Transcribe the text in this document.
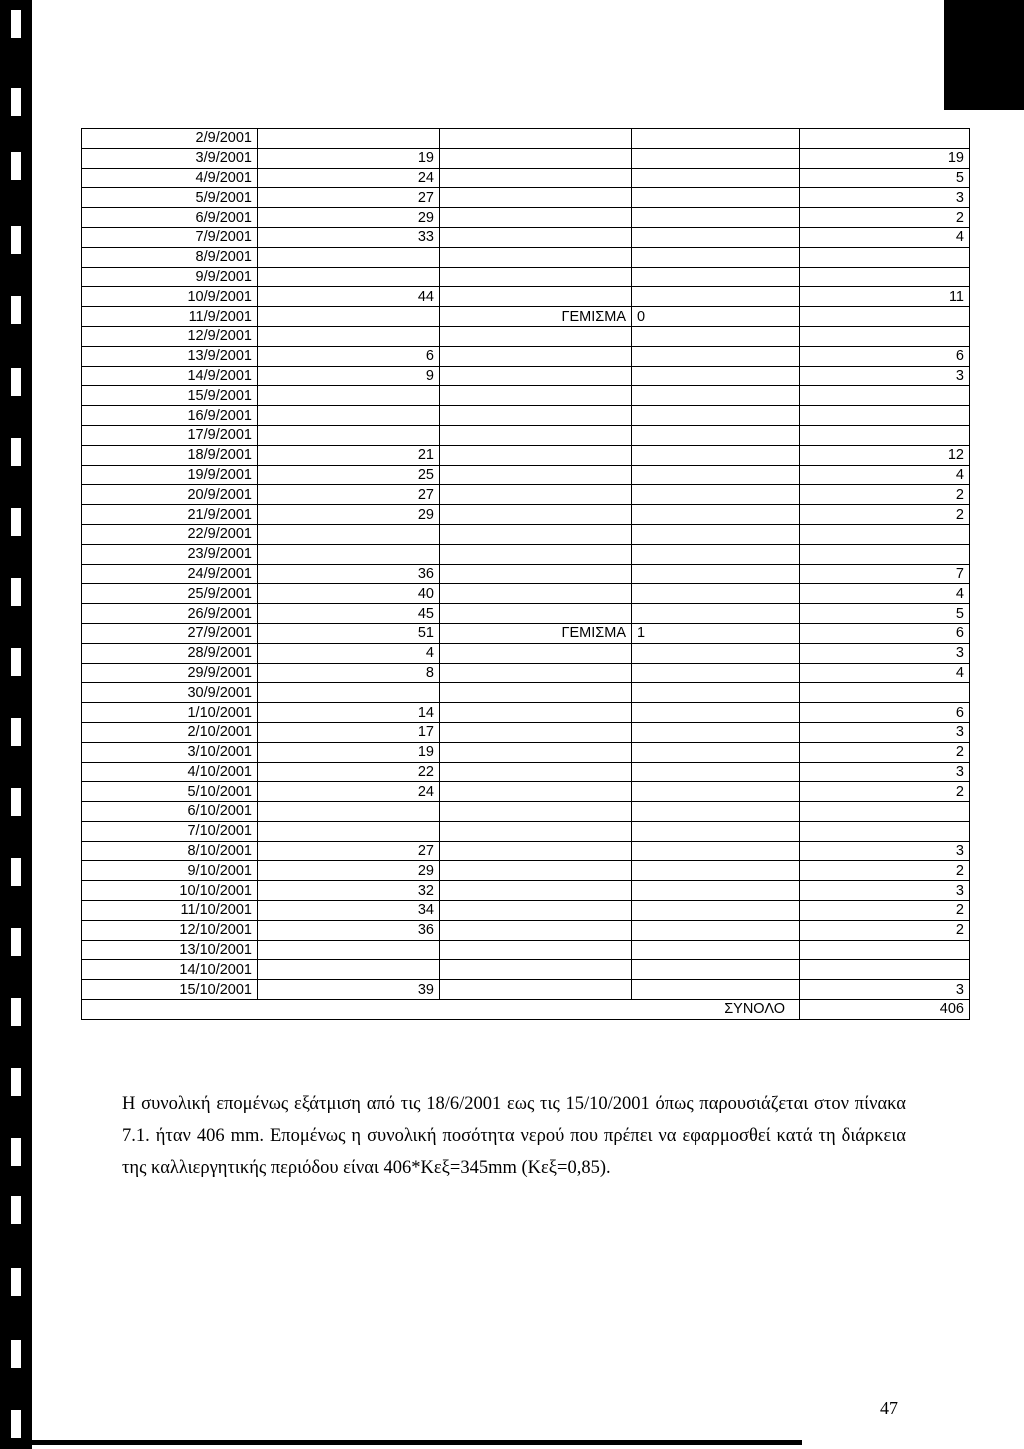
2/9/2001				
3/9/2001	19			19
4/9/2001	24			5
5/9/2001	27			3
6/9/2001	29			2
7/9/2001	33			4
8/9/2001				
9/9/2001				
10/9/2001	44			11
11/9/2001		ΓΕΜΙΣΜΑ	0	
12/9/2001				
13/9/2001	6			6
14/9/2001	9			3
15/9/2001				
16/9/2001				
17/9/2001				
18/9/2001	21			12
19/9/2001	25			4
20/9/2001	27			2
21/9/2001	29			2
22/9/2001				
23/9/2001				
24/9/2001	36			7
25/9/2001	40			4
26/9/2001	45			5
27/9/2001	51	ΓΕΜΙΣΜΑ	1	6
28/9/2001	4			3
29/9/2001	8			4
30/9/2001				
1/10/2001	14			6
2/10/2001	17			3
3/10/2001	19			2
4/10/2001	22			3
5/10/2001	24			2
6/10/2001				
7/10/2001				
8/10/2001	27			3
9/10/2001	29			2
10/10/2001	32			3
11/10/2001	34			2
12/10/2001	36			2
13/10/2001				
14/10/2001				
15/10/2001	39			3
ΣΥΝΟΛΟ				406
Η συνολική επομένως εξάτμιση από τις 18/6/2001 εως τις 15/10/2001 όπως παρουσιάζεται στον πίνακα 7.1. ήταν 406 mm. Επομένως η συνολική ποσότητα νερού που πρέπει να εφαρμοσθεί κατά τη διάρκεια της καλλιεργητικής περιόδου είναι 406*Κεξ=345mm (Κεξ=0,85).
47
